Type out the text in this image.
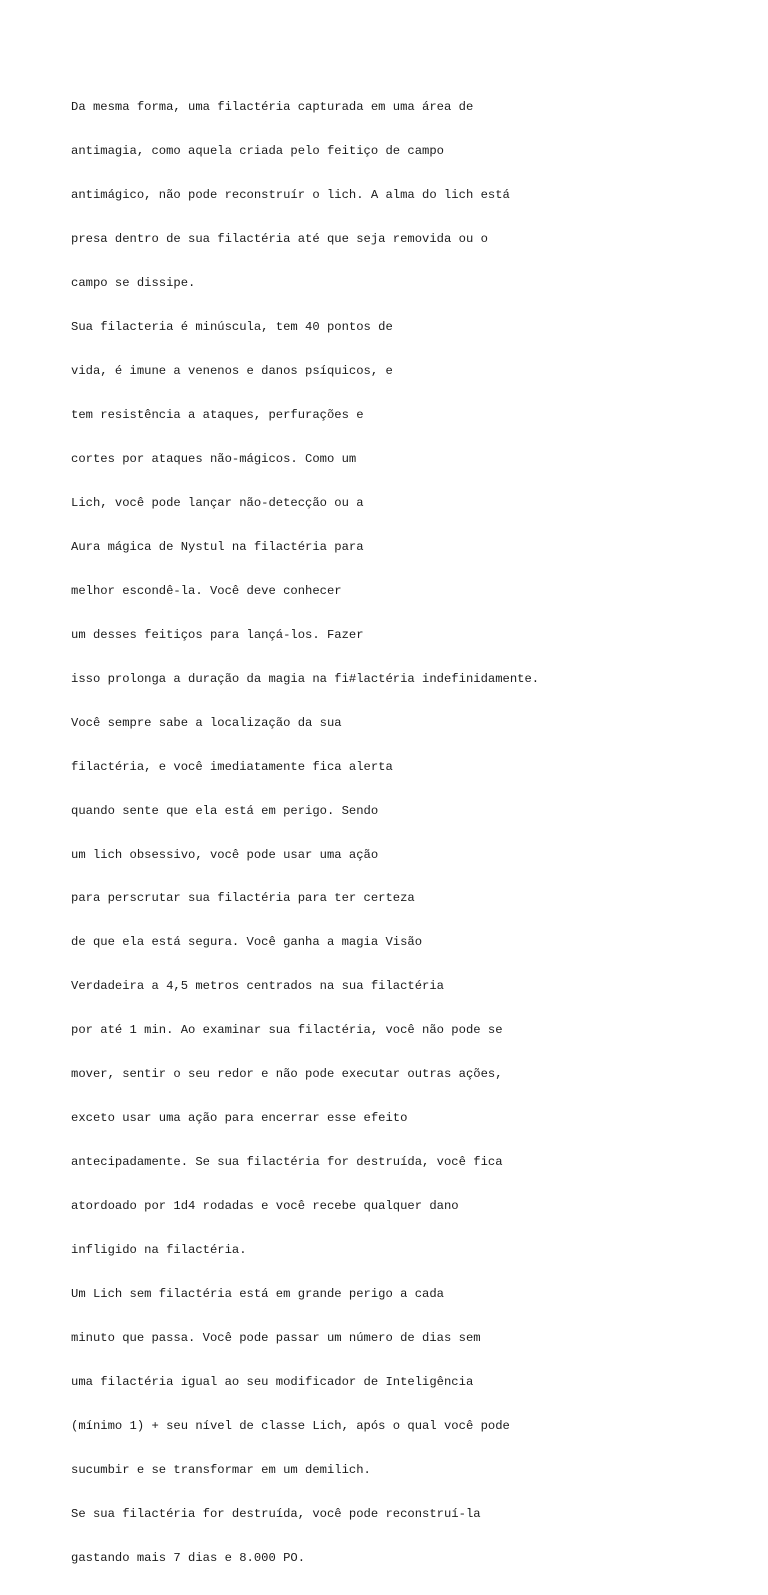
Da mesma forma, uma filactéria capturada em uma área de

antimagia, como aquela criada pelo feitiço de campo

antimágico, não pode reconstruír o lich. A alma do lich está

presa dentro de sua filactéria até que seja removida ou o

campo se dissipe.

Sua filacteria é minúscula, tem 40 pontos de

vida, é imune a venenos e danos psíquicos, e

tem resistência a ataques, perfurações e

cortes por ataques não-mágicos. Como um

Lich, você pode lançar não-detecção ou a

Aura mágica de Nystul na filactéria para

melhor escondê-la. Você deve conhecer

um desses feitiços para lançá-los. Fazer

isso prolonga a duração da magia na fi#lactéria indefinidamente.

Você sempre sabe a localização da sua

filactéria, e você imediatamente fica alerta

quando sente que ela está em perigo. Sendo

um lich obsessivo, você pode usar uma ação

para perscrutar sua filactéria para ter certeza

de que ela está segura. Você ganha a magia Visão

Verdadeira a 4,5 metros centrados na sua filactéria

por até 1 min. Ao examinar sua filactéria, você não pode se

mover, sentir o seu redor e não pode executar outras ações,

exceto usar uma ação para encerrar esse efeito

antecipadamente. Se sua filactéria for destruída, você fica

atordoado por 1d4 rodadas e você recebe qualquer dano

infligido na filactéria.

Um Lich sem filactéria está em grande perigo a cada

minuto que passa. Você pode passar um número de dias sem

uma filactéria igual ao seu modificador de Inteligência

(mínimo 1) + seu nível de classe Lich, após o qual você pode

sucumbir e se transformar em um demilich.

Se sua filactéria for destruída, você pode reconstruí-la

gastando mais 7 dias e 8.000 PO.
